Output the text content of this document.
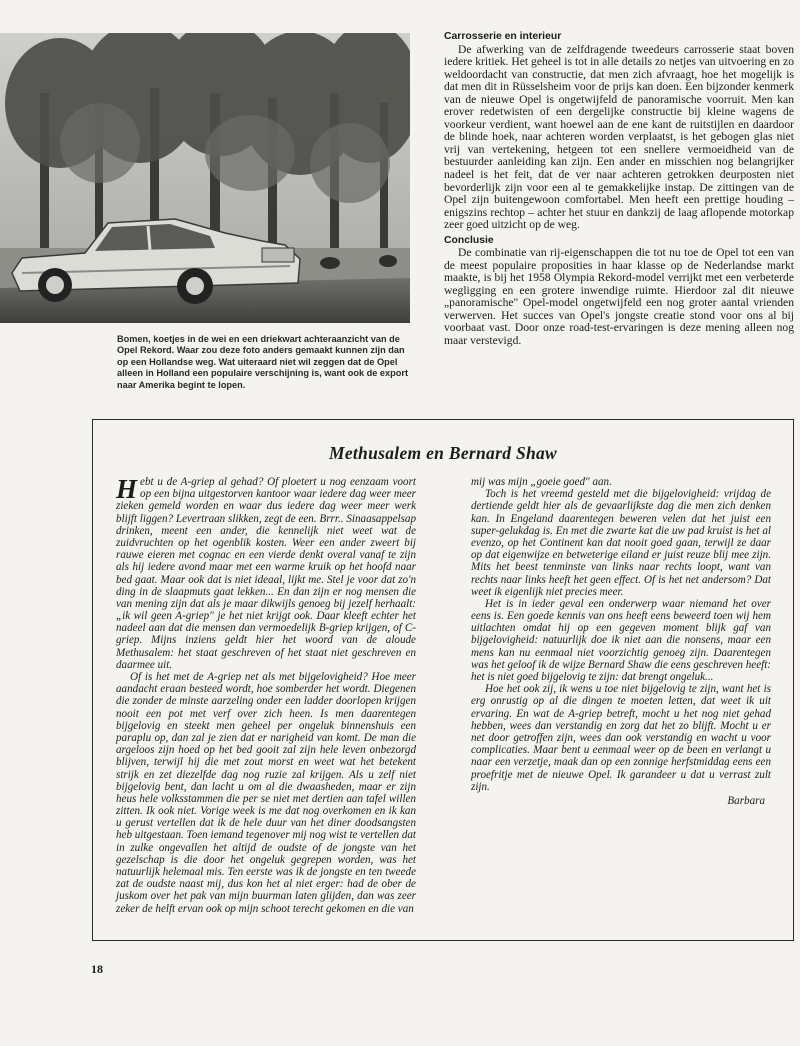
Bomen, koetjes in de wei en een driekwart achteraanzicht van de Opel Rekord. Waar zou deze foto anders gemaakt kunnen zijn dan op een Hollandse weg. Wat uiteraard niet wil zeggen dat de Opel alleen in Holland een populaire verschijning is, want ook de export naar Amerika begint te lopen.
Carrosserie en interieur

De afwerking van de zelfdragende tweedeurs carrosserie staat boven iedere kritiek. Het geheel is tot in alle details zo netjes van uitvoering en zo weldoordacht van constructie, dat men zich afvraagt, hoe het mogelijk is dat men dit in Rüsselsheim voor de prijs kan doen. Een bijzonder kenmerk van de nieuwe Opel is ongetwijfeld de panoramische voorruit. Men kan erover redetwisten of een dergelijke constructie bij kleine wagens de voorkeur verdient, want hoewel aan de ene kant de ruitstijlen en daardoor de blinde hoek, naar achteren worden verplaatst, is het gebogen glas niet vrij van vertekening, hetgeen tot een snellere vermoeidheid van de bestuurder aanleiding kan zijn. Een ander en misschien nog belangrijker nadeel is het feit, dat de ver naar achteren getrokken deurposten niet bevorderlijk zijn voor een al te gemakkelijke instap. De zittingen van de Opel zijn buitengewoon comfortabel. Men heeft een prettige houding – enigszins rechtop – achter het stuur en dankzij de laag aflopende motorkap zeer goed uitzicht op de weg.

Conclusie

De combinatie van rij-eigenschappen die tot nu toe de Opel tot een van de meest populaire proposities in haar klasse op de Nederlandse markt maakte, is bij het 1958 Olympia Rekord-model verrijkt met een verbeterde wegligging en een grotere inwendige ruimte. Hierdoor zal dit nieuwe „panoramische" Opel-model ongetwijfeld een nog groter aantal vrienden verwerven. Het succes van Opel's jongste creatie stond voor ons al bij voorbaat vast. Door onze road-test-ervaringen is deze mening alleen nog maar verstevigd.

Methusalem en Bernard Shaw

Hebt u de A-griep al gehad? Of ploetert u nog eenzaam voort op een bijna uitgestorven kantoor waar iedere dag weer meer zieken gemeld worden en waar dus iedere dag weer meer werk blijft liggen? Levertraan slikken, zegt de een. Brrr.. Sinaasappelsap drinken, meent een ander, die kennelijk niet weet wat de zuidvruchten op het ogenblik kosten. Weer een ander zweert bij rauwe eieren met cognac en een vierde denkt overal vanaf te zijn als hij iedere avond maar met een warme kruik op het hoofd naar bed gaat. Maar ook dat is niet ideaal, lijkt me. Stel je voor dat zo'n ding in de slaapmuts gaat lekken... En dan zijn er nog mensen die van mening zijn dat als je maar dikwijls genoeg bij jezelf herhaalt: „ik wil geen A-griep" je het niet krijgt ook. Daar kleeft echter het nadeel aan dat die mensen dan vermoedelijk B-griep krijgen, of C-griep. Mijns inziens geldt hier het woord van de aloude Methusalem: het staat geschreven of het staat niet geschreven en daarmee uit.

Of is het met de A-griep net als met bijgelovigheid? Hoe meer aandacht eraan besteed wordt, hoe somberder het wordt. Diegenen die zonder de minste aarzeling onder een ladder doorlopen krijgen nooit een pot met verf over zich heen. Is men daarentegen bijgelovig en steekt men geheel per ongeluk binnenshuis een paraplu op, dan zal je zien dat er narigheid van komt. De man die argeloos zijn hoed op het bed gooit zal zijn hele leven onbezorgd blijven, terwijl hij die met zout morst en weet wat het betekent strijk en zet diezelfde dag nog ruzie zal krijgen. Als u zelf niet bijgelovig bent, dan lacht u om al die dwaasheden, maar er zijn heus hele volksstammen die per se niet met dertien aan tafel willen zitten. Ik ook niet. Vorige week is me dat nog overkomen en ik kan u gerust vertellen dat ik de hele duur van het diner doodsangsten heb uitgestaan. Toen iemand tegenover mij nog wist te vertellen dat in zulke ongevallen het altijd de oudste of de jongste van het gezelschap is die door het ongeluk gegrepen worden, was het natuurlijk helemaal mis. Ten eerste was ik de jongste en ten tweede zat de oudste naast mij, dus kon het al niet erger: had de ober de juskom over het pak van mijn buurman laten glijden, dan was zeer zeker de helft ervan ook op mijn schoot terecht gekomen en die van

mij was mijn „goeie goed" aan.

Toch is het vreemd gesteld met die bijgelovigheid: vrijdag de dertiende geldt hier als de gevaarlijkste dag die men zich denken kan. In Engeland daarentegen beweren velen dat het juist een super-gelukdag is. En met die zwarte kat die uw pad kruist is het al evenzo, op het Continent kan dat nooit goed gaan, terwijl ze daar op dat eigenwijze en betweterige eiland er juist reuze blij mee zijn. Mits het beest tenminste van links naar rechts loopt, want van rechts naar links heeft het geen effect. Of is het net andersom? Dat weet ik eigenlijk niet precies meer.

Het is in ieder geval een onderwerp waar niemand het over eens is. Een goede kennis van ons heeft eens beweerd toen wij hem uitlachten omdat hij op een gegeven moment blijk gaf van bijgelovigheid: natuurlijk doe ik niet aan die nonsens, maar een mens kan nu eenmaal niet voorzichtig genoeg zijn. Daarentegen was het geloof ik de wijze Bernard Shaw die eens geschreven heeft: het is niet goed bijgelovig te zijn: dat brengt ongeluk...

Hoe het ook zij, ik wens u toe niet bijgelovig te zijn, want het is erg onrustig op al die dingen te moeten letten, dat weet ik uit ervaring. En wat de A-griep betreft, mocht u het nog niet gehad hebben, wees dan verstandig en zorg dat het zo blijft. Mocht u er net door getroffen zijn, wees dan ook verstandig en wacht u voor complicaties. Maar bent u eenmaal weer op de been en verlangt u naar een verzetje, maak dan op een zonnige herfstmiddag eens een proefritje met de nieuwe Opel. Ik garandeer u dat u verrast zult zijn.

Barbara
18
